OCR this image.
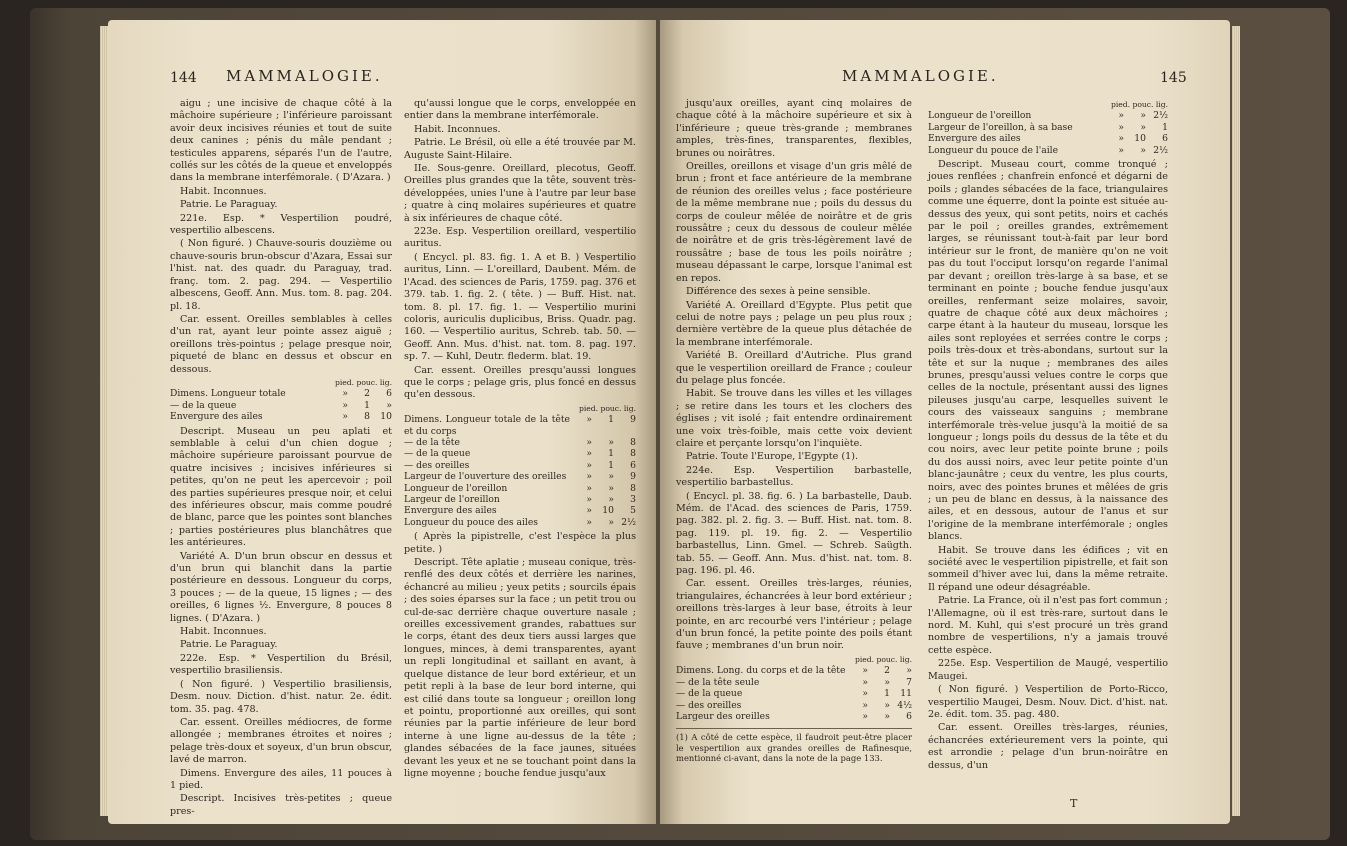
144 MAMMALOGIE.

aigu ; une incisive de chaque côté à la mâchoire supérieure ; l'inférieure paroissant avoir deux incisives réunies et tout de suite deux canines ; pénis du mâle pendant ; testicules apparens, séparés l'un de l'autre, collés sur les côtés de la queue et enveloppés dans la membrane interfémorale. ( D'Azara. )

Habit. Inconnues.

Patrie. Le Paraguay.

221e. Esp. * Vespertilion poudré, vespertilio albescens.

( Non figuré. ) Chauve-souris douzième ou chauve-souris brun-obscur d'Azara, Essai sur l'hist. nat. des quadr. du Paraguay, trad. franç. tom. 2. pag. 294. — Vespertilio albescens, Geoff. Ann. Mus. tom. 8. pag. 204. pl. 18.

Car. essent. Oreilles semblables à celles d'un rat, ayant leur pointe assez aiguë ; oreillons très-pointus ; pelage presque noir, piqueté de blanc en dessus et obscur en dessous.

pied. pouc. lig.			
Dimens. Longueur totale	»	2	6
— de la queue	»	1	»
Envergure des ailes	»	8	10

Descript. Museau un peu aplati et semblable à celui d'un chien dogue ; mâchoire supérieure paroissant pourvue de quatre incisives ; incisives inférieures si petites, qu'on ne peut les apercevoir ; poil des parties supérieures presque noir, et celui des inférieures obscur, mais comme poudré de blanc, parce que les pointes sont blanches ; parties postérieures plus blanchâtres que les antérieures.

Variété A. D'un brun obscur en dessus et d'un brun qui blanchit dans la partie postérieure en dessous. Longueur du corps, 3 pouces ; — de la queue, 15 lignes ; — des oreilles, 6 lignes ½. Envergure, 8 pouces 8 lignes. ( D'Azara. )

Habit. Inconnues.

Patrie. Le Paraguay.

222e. Esp. * Vespertilion du Brésil, vespertilio brasiliensis.

( Non figuré. ) Vespertilio brasiliensis, Desm. nouv. Diction. d'hist. natur. 2e. édit. tom. 35. pag. 478.

Car. essent. Oreilles médiocres, de forme allongée ; membranes étroites et noires ; pelage très-doux et soyeux, d'un brun obscur, lavé de marron.

Dimens. Envergure des ailes, 11 pouces à 1 pied.

Descript. Incisives très-petites ; queue pres-

qu'aussi longue que le corps, enveloppée en entier dans la membrane interfémorale.

Habit. Inconnues.

Patrie. Le Brésil, où elle a été trouvée par M. Auguste Saint-Hilaire.

IIe. Sous-genre. Oreillard, plecotus, Geoff. Oreilles plus grandes que la tête, souvent très-développées, unies l'une à l'autre par leur base ; quatre à cinq molaires supérieures et quatre à six inférieures de chaque côté.

223e. Esp. Vespertilion oreillard, vespertilio auritus.

( Encycl. pl. 83. fig. 1. A et B. ) Vespertilio auritus, Linn. — L'oreillard, Daubent. Mém. de l'Acad. des sciences de Paris, 1759. pag. 376 et 379. tab. 1. fig. 2. ( tête. ) — Buff. Hist. nat. tom. 8. pl. 17. fig. 1. — Vespertilio murini coloris, auriculis duplicibus, Briss. Quadr. pag. 160. — Vespertilio auritus, Schreb. tab. 50. — Geoff. Ann. Mus. d'hist. nat. tom. 8. pag. 197. sp. 7. — Kuhl, Deutr. flederm. blat. 19.

Car. essent. Oreilles presqu'aussi longues que le corps ; pelage gris, plus foncé en dessus qu'en dessous.

pied. pouc. lig.			
Dimens. Longueur totale de la tête et du corps	»	1	9
— de la tête	»	»	8
— de la queue	»	1	8
— des oreilles	»	1	6
Largeur de l'ouverture des oreilles	»	»	9
Longueur de l'oreillon	»	»	8
Largeur de l'oreillon	»	»	3
Envergure des ailes	»	10	5
Longueur du pouce des ailes	»	»	2½

( Après la pipistrelle, c'est l'espèce la plus petite. )

Descript. Tête aplatie ; museau conique, très-renflé des deux côtés et derrière les narines, échancré au milieu ; yeux petits ; sourcils épais ; des soies éparses sur la face ; un petit trou ou cul-de-sac derrière chaque ouverture nasale ; oreilles excessivement grandes, rabattues sur le corps, étant des deux tiers aussi larges que longues, minces, à demi transparentes, ayant un repli longitudinal et saillant en avant, à quelque distance de leur bord extérieur, et un petit repli à la base de leur bord interne, qui est cilié dans toute sa longueur ; oreillon long et pointu, proportionné aux oreilles, qui sont réunies par la partie inférieure de leur bord interne à une ligne au-dessus de la tête ; glandes sébacées de la face jaunes, situées devant les yeux et ne se touchant point dans la ligne moyenne ; bouche fendue jusqu'aux

MAMMALOGIE.	145

jusqu'aux oreilles, ayant cinq molaires de chaque côté à la mâchoire supérieure et six à l'inférieure ; queue très-grande ; membranes amples, très-fines, transparentes, flexibles, brunes ou noirâtres.

Oreilles, oreillons et visage d'un gris mêlé de brun ; front et face antérieure de la membrane de réunion des oreilles velus ; face postérieure de la même membrane nue ; poils du dessus du corps de couleur mêlée de noirâtre et de gris roussâtre ; ceux du dessous de couleur mêlée de noirâtre et de gris très-légèrement lavé de roussâtre ; base de tous les poils noirâtre ; museau dépassant le carpe, lorsque l'animal est en repos.

Différence des sexes à peine sensible.

Variété A. Oreillard d'Egypte. Plus petit que celui de notre pays ; pelage un peu plus roux ; dernière vertèbre de la queue plus détachée de la membrane interfémorale.

Variété B. Oreillard d'Autriche. Plus grand que le vespertilion oreillard de France ; couleur du pelage plus foncée.

Habit. Se trouve dans les villes et les villages ; se retire dans les tours et les clochers des églises ; vit isolé ; fait entendre ordinairement une voix très-foible, mais cette voix devient claire et perçante lorsqu'on l'inquiète.

Patrie. Toute l'Europe, l'Egypte (1).

224e. Esp. Vespertilion barbastelle, vespertilio barbastellus.

( Encycl. pl. 38. fig. 6. ) La barbastelle, Daub. Mém. de l'Acad. des sciences de Paris, 1759. pag. 382. pl. 2. fig. 3. — Buff. Hist. nat. tom. 8. pag. 119. pl. 19. fig. 2. — Vespertilio barbastellus, Linn. Gmel. — Schreb. Saügth. tab. 55. — Geoff. Ann. Mus. d'hist. nat. tom. 8. pag. 196. pl. 46.

Car. essent. Oreilles très-larges, réunies, triangulaires, échancrées à leur bord extérieur ; oreillons très-larges à leur base, étroits à leur pointe, en arc recourbé vers l'intérieur ; pelage d'un brun foncé, la petite pointe des poils étant fauve ; membranes d'un brun noir.

pied. pouc. lig.			
Dimens. Long. du corps et de la tête	»	2	»
— de la tête seule	»	»	7
— de la queue	»	1	11
— des oreilles	»	»	4½
Largeur des oreilles	»	»	6
(1) A côté de cette espèce, il faudroit peut-être placer le vespertilion aux grandes oreilles de Rafinesque, mentionné ci-avant, dans la note de la page 133.
pied. pouc. lig.			
Longueur de l'oreillon	»	»	2½
Largeur de l'oreillon, à sa base	»	»	1
Envergure des ailes	»	10	6
Longueur du pouce de l'aile	»	»	2½

Descript. Museau court, comme tronqué ; joues renflées ; chanfrein enfoncé et dégarni de poils ; glandes sébacées de la face, triangulaires comme une équerre, dont la pointe est située au-dessus des yeux, qui sont petits, noirs et cachés par le poil ; oreilles grandes, extrêmement larges, se réunissant tout-à-fait par leur bord intérieur sur le front, de manière qu'on ne voit pas du tout l'occiput lorsqu'on regarde l'animal par devant ; oreillon très-large à sa base, et se terminant en pointe ; bouche fendue jusqu'aux oreilles, renfermant seize molaires, savoir, quatre de chaque côté aux deux mâchoires ; carpe étant à la hauteur du museau, lorsque les ailes sont reployées et serrées contre le corps ; poils très-doux et très-abondans, surtout sur la tête et sur la nuque ; membranes des ailes brunes, presqu'aussi velues contre le corps que celles de la noctule, présentant aussi des lignes pileuses jusqu'au carpe, lesquelles suivent le cours des vaisseaux sanguins ; membrane interfémorale très-velue jusqu'à la moitié de sa longueur ; longs poils du dessus de la tête et du cou noirs, avec leur petite pointe brune ; poils du dos aussi noirs, avec leur petite pointe d'un blanc-jaunâtre ; ceux du ventre, les plus courts, noirs, avec des pointes brunes et mêlées de gris ; un peu de blanc en dessus, à la naissance des ailes, et en dessous, autour de l'anus et sur l'origine de la membrane interfémorale ; ongles blancs.

Habit. Se trouve dans les édifices ; vit en société avec le vespertilion pipistrelle, et fait son sommeil d'hiver avec lui, dans la même retraite. Il répand une odeur désagréable.

Patrie. La France, où il n'est pas fort commun ; l'Allemagne, où il est très-rare, surtout dans le nord. M. Kuhl, qui s'est procuré un très grand nombre de vespertilions, n'y a jamais trouvé cette espèce.

225e. Esp. Vespertilion de Maugé, vespertilio Maugei.

( Non figuré. ) Vespertilion de Porto-Ricco, vespertilio Maugei, Desm. Nouv. Dict. d'hist. nat. 2e. édit. tom. 35. pag. 480.

Car. essent. Oreilles très-larges, réunies, échancrées extérieurement vers la pointe, qui est arrondie ; pelage d'un brun-noirâtre en dessus, d'un

T
